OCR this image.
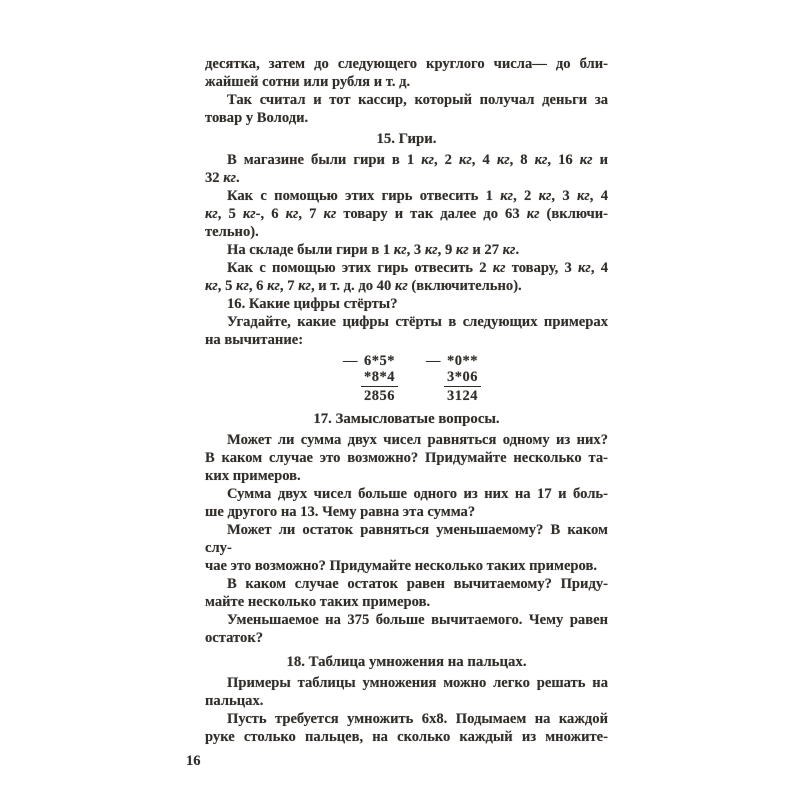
десятка, затем до следующего круглого числа— до бли-
жайшей сотни или рубля и т. д.
Так считал и тот кассир, который получал деньги за
товар у Володи.
15. Гири.
В магазине были гири в 1 кг, 2 кг, 4 кг, 8 кг, 16 кг и
32 кг.
Как с помощью этих гирь отвесить 1 кг, 2 кг, 3 кг, 4
кг, 5 кг-, 6 кг, 7 кг товару и так далее до 63 кг (включи-
тельно).
На складе были гири в 1 кг, 3 кг, 9 кг и 27 кг.
Как с помощью этих гирь отвесить 2 кг товару, 3 кг, 4
кг, 5 кг, 6 кг, 7 кг, и т. д. до 40 кг (включительно).
16. Какие цифры стёрты?
Угадайте, какие цифры стёрты в следующих примерах
на вычитание:
— 6*5*
*8*4
2856
— *0**
3*06
3124
17. Замысловатые вопросы.
Может ли сумма двух чисел равняться одному из них?
В каком случае это возможно? Придумайте несколько та-
ких примеров.
Сумма двух чисел больше одного из них на 17 и боль-
ше другого на 13. Чему равна эта сумма?
Может ли остаток равняться уменьшаемому? В каком слу-
чае это возможно? Придумайте несколько таких примеров.
В каком случае остаток равен вычитаемому? Приду-
майте несколько таких примеров.
Уменьшаемое на 375 больше вычитаемого. Чему равен
остаток?
18. Таблица умножения на пальцах.
Примеры таблицы умножения можно легко решать на
пальцах.
Пусть требуется умножить 6х8. Подымаем на каждой
руке столько пальцев, на сколько каждый из множите-
16
